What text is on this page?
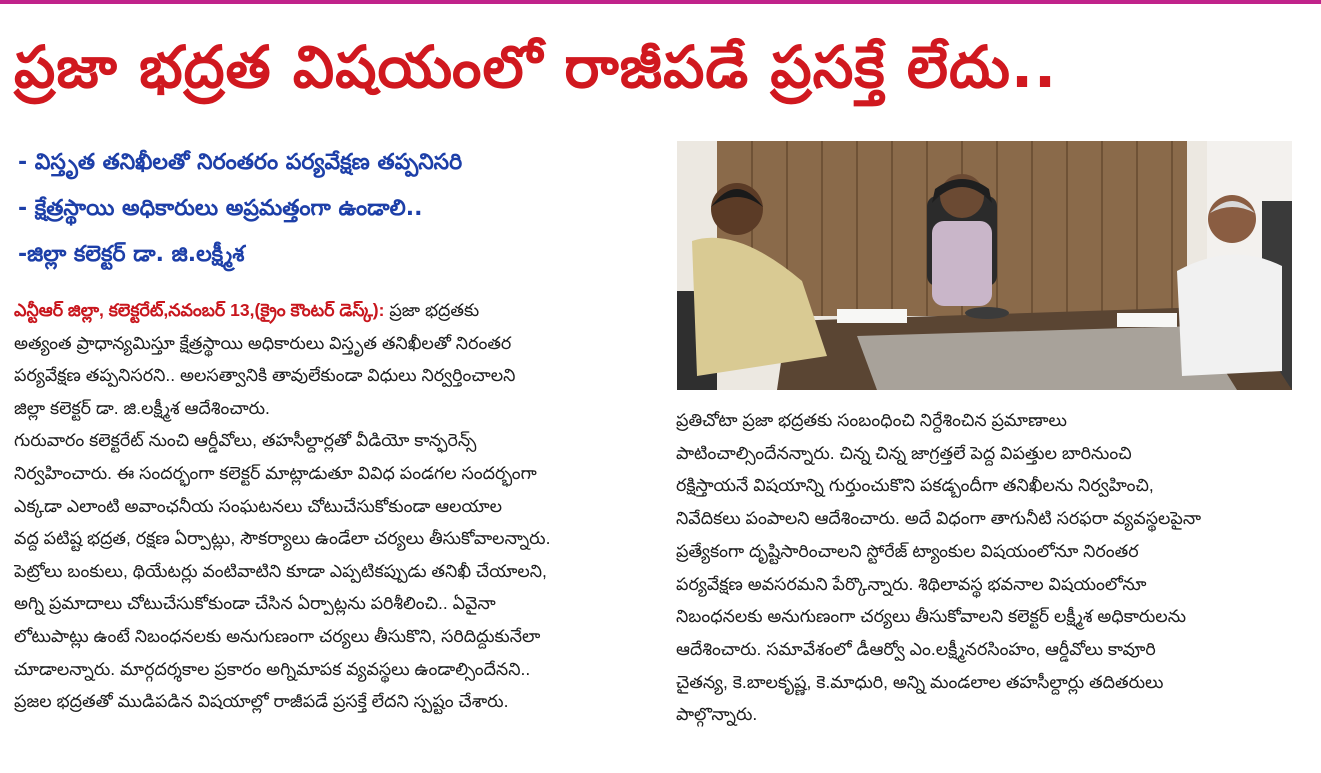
ప్రజా భద్రత విషయంలో రాజీపడే ప్రసక్తే లేదు..
- విస్తృత తనిఖీలతో నిరంతరం పర్యవేక్షణ తప్పనిసరి
- క్షేత్రస్థాయి అధికారులు అప్రమత్తంగా ఉండాలి..
-జిల్లా కలెక్టర్ డా. జి.లక్ష్మీశ
ఎన్టీఆర్ జిల్లా, కలెక్టరేట్,నవంబర్ 13,(క్రైం కౌంటర్ డెస్క్): ప్రజా భద్రతకు
అత్యంత ప్రాధాన్యమిస్తూ క్షేత్రస్థాయి అధికారులు విస్తృత తనిఖీలతో నిరంతర
పర్యవేక్షణ తప్పనిసరని.. అలసత్వానికి తావులేకుండా విధులు నిర్వర్తించాలని
జిల్లా కలెక్టర్ డా. జి.లక్ష్మీశ ఆదేశించారు.
గురువారం కలెక్టరేట్ నుంచి ఆర్డీవోలు, తహసీల్దార్లతో వీడియో కాన్ఫరెన్స్
నిర్వహించారు. ఈ సందర్భంగా కలెక్టర్ మాట్లాడుతూ వివిధ పండగల సందర్భంగా
ఎక్కడా ఎలాంటి అవాంఛనీయ సంఘటనలు చోటుచేసుకోకుండా ఆలయాల
వద్ద పటిష్ట భద్రత, రక్షణ ఏర్పాట్లు, సౌకర్యాలు ఉండేలా చర్యలు తీసుకోవాలన్నారు.
పెట్రోలు బంకులు, థియేటర్లు వంటివాటిని కూడా ఎప్పటికప్పుడు తనిఖీ చేయాలని,
అగ్ని ప్రమాదాలు చోటుచేసుకోకుండా చేసిన ఏర్పాట్లను పరిశీలించి.. ఏవైనా
లోటుపాట్లు ఉంటే నిబంధనలకు అనుగుణంగా చర్యలు తీసుకొని, సరిదిద్దుకునేలా
చూడాలన్నారు. మార్గదర్శకాల ప్రకారం అగ్నిమాపక వ్యవస్థలు ఉండాల్సిందేనని..
ప్రజల భద్రతతో ముడిపడిన విషయాల్లో రాజీపడే ప్రసక్తే లేదని స్పష్టం చేశారు.
ప్రతిచోటా ప్రజా భద్రతకు సంబంధించి నిర్దేశించిన ప్రమాణాలు
పాటించాల్సిందేనన్నారు. చిన్న చిన్న జాగ్రత్తలే పెద్ద విపత్తుల బారినుంచి
రక్షిస్తాయనే విషయాన్ని గుర్తుంచుకొని పకడ్బందీగా తనిఖీలను నిర్వహించి,
నివేదికలు పంపాలని ఆదేశించారు. అదే విధంగా తాగునీటి సరఫరా వ్యవస్థలపైనా
ప్రత్యేకంగా దృష్టిసారించాలని స్టోరేజ్ ట్యాంకుల విషయంలోనూ నిరంతర
పర్యవేక్షణ అవసరమని పేర్కొన్నారు. శిథిలావస్థ భవనాల విషయంలోనూ
నిబంధనలకు అనుగుణంగా చర్యలు తీసుకోవాలని కలెక్టర్ లక్ష్మీశ అధికారులను
ఆదేశించారు. సమావేశంలో డీఆర్వో ఎం.లక్ష్మీనరసింహం, ఆర్డీవోలు కావూరి
చైతన్య, కె.బాలకృష్ణ, కె.మాధురి, అన్ని మండలాల తహసీల్దార్లు తదితరులు
పాల్గొన్నారు.
